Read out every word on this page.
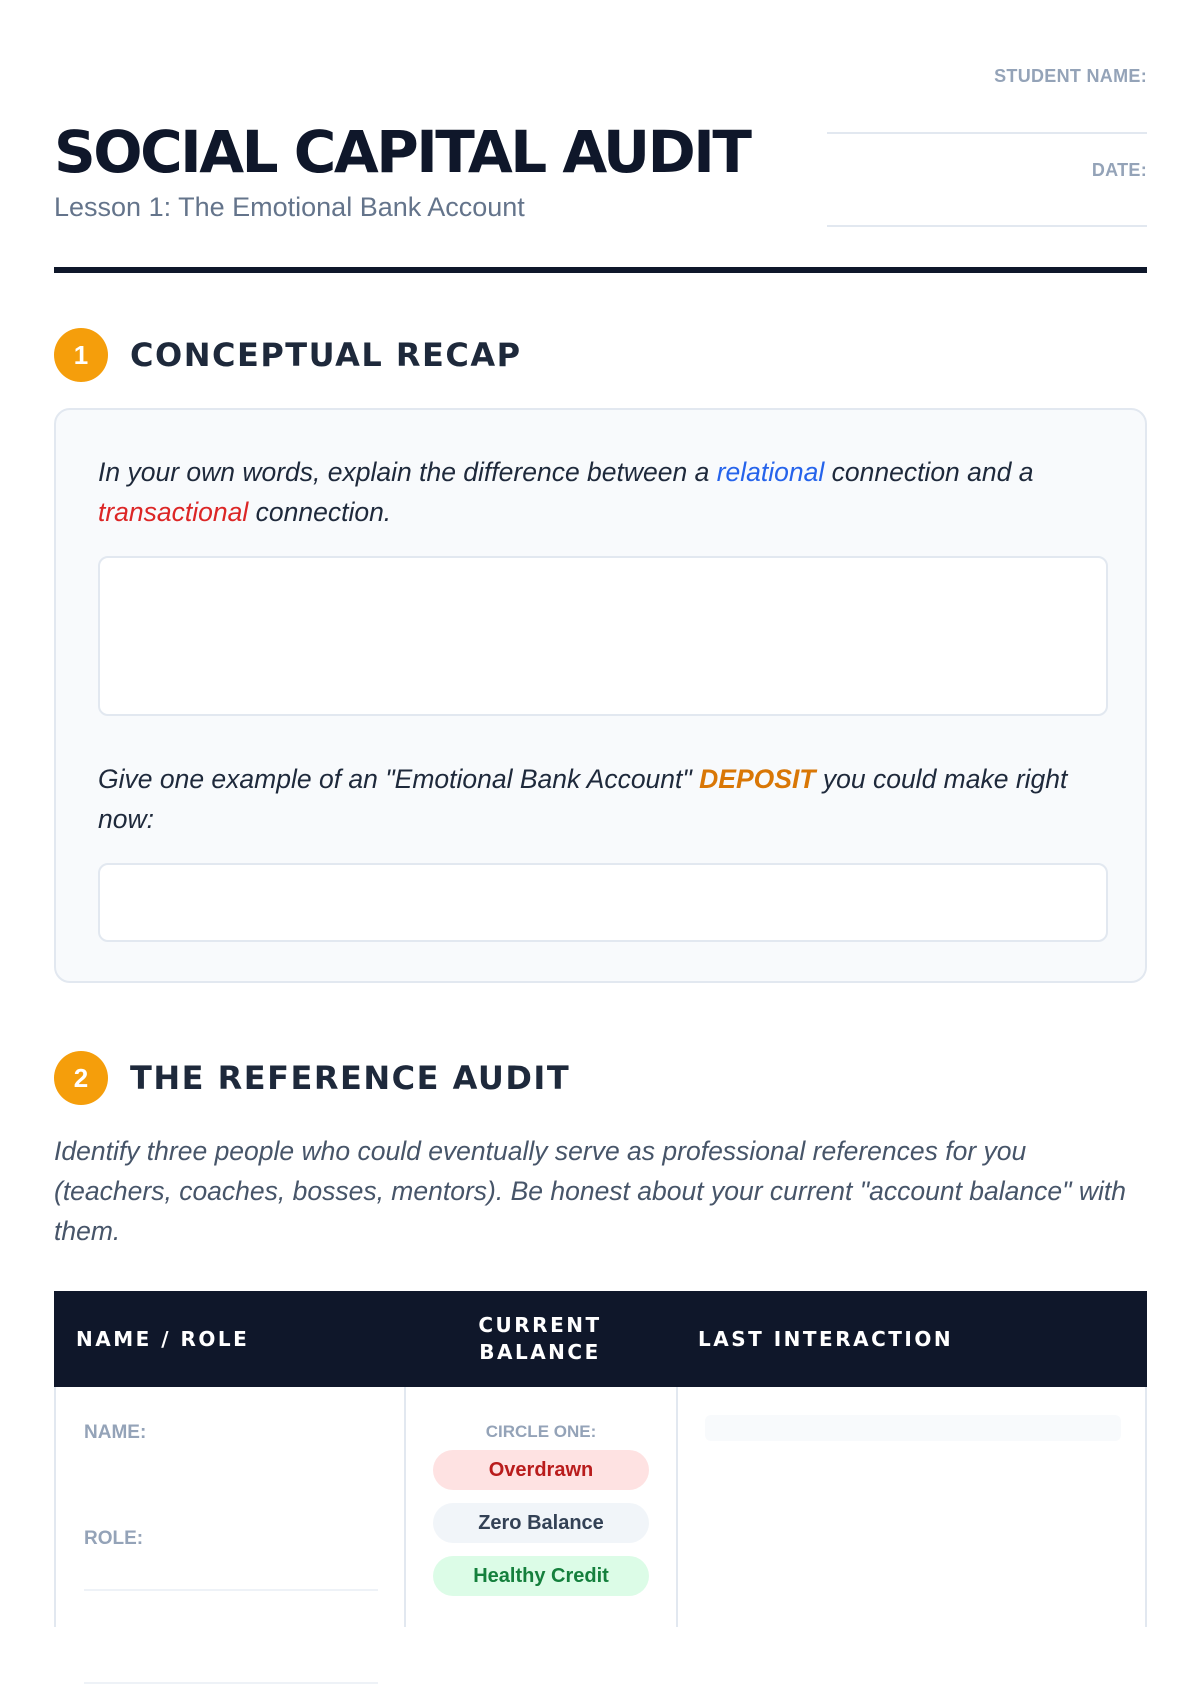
SOCIAL CAPITAL AUDIT
Lesson 1: The Emotional Bank Account
STUDENT NAME:
DATE:
1	CONCEPTUAL RECAP
In your own words, explain the difference between a relational connection and a transactional connection.
Give one example of an "Emotional Bank Account" DEPOSIT you could make right now:
2	THE REFERENCE AUDIT
Identify three people who could eventually serve as professional references for you (teachers, coaches, bosses, mentors). Be honest about your current "account balance" with them.
NAME / ROLE
CURRENT BALANCE
LAST INTERACTION
NAME:
ROLE:
CIRCLE ONE:
Overdrawn
Zero Balance
Healthy Credit
